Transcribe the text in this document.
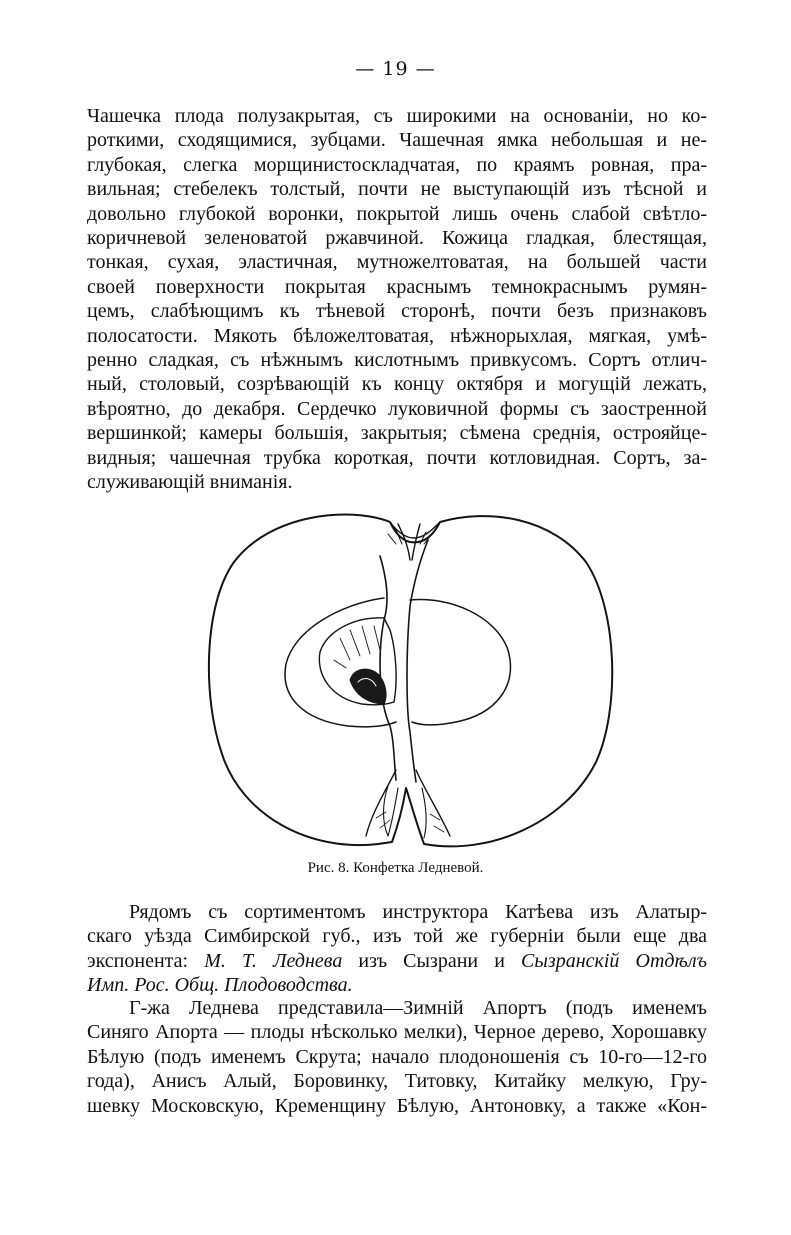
— 19 —
Чашечка плода полузакрытая, съ широкими на основаніи, но ко-
роткими, сходящимися, зубцами. Чашечная ямка небольшая и не-
глубокая, слегка морщинистоскладчатая, по краямъ ровная, пра-
вильная; стебелекъ толстый, почти не выступающій изъ тѣсной и
довольно глубокой воронки, покрытой лишь очень слабой свѣтло-
коричневой зеленоватой ржавчиной. Кожица гладкая, блестящая,
тонкая, сухая, эластичная, мутножелтоватая, на большей части
своей поверхности покрытая краснымъ темнокраснымъ румян-
цемъ, слабѣющимъ къ тѣневой сторонѣ, почти безъ признаковъ
полосатости. Мякоть бѣложелтоватая, нѣжнорыхлая, мягкая, умѣ-
ренно сладкая, съ нѣжнымъ кислотнымъ привкусомъ. Сортъ отлич-
ный, столовый, созрѣвающій къ концу октября и могущій лежать,
вѣроятно, до декабря. Сердечко луковичной формы съ заостренной
вершинкой; камеры большія, закрытыя; сѣмена среднія, острояйце-
видныя; чашечная трубка короткая, почти котловидная. Сортъ, за-
служивающій вниманія.
Рис. 8. Конфетка Ледневой.
Рядомъ съ сортиментомъ инструктора Катѣева изъ Алатыр-
скаго уѣзда Симбирской губ., изъ той же губерніи были еще два
экспонента: М. Т. Леднева изъ Сызрани и Сызранскій Отдѣлъ
Имп. Рос. Общ. Плодоводства.
Г-жа Леднева представила—Зимній Апортъ (подъ именемъ
Синяго Апорта — плоды нѣсколько мелки), Черное дерево, Хорошавку
Бѣлую (подъ именемъ Скрута; начало плодоношенія съ 10-го—12-го
года), Анисъ Алый, Боровинку, Титовку, Китайку мелкую, Гру-
шевку Московскую, Кременщину Бѣлую, Антоновку, а также «Кон-
